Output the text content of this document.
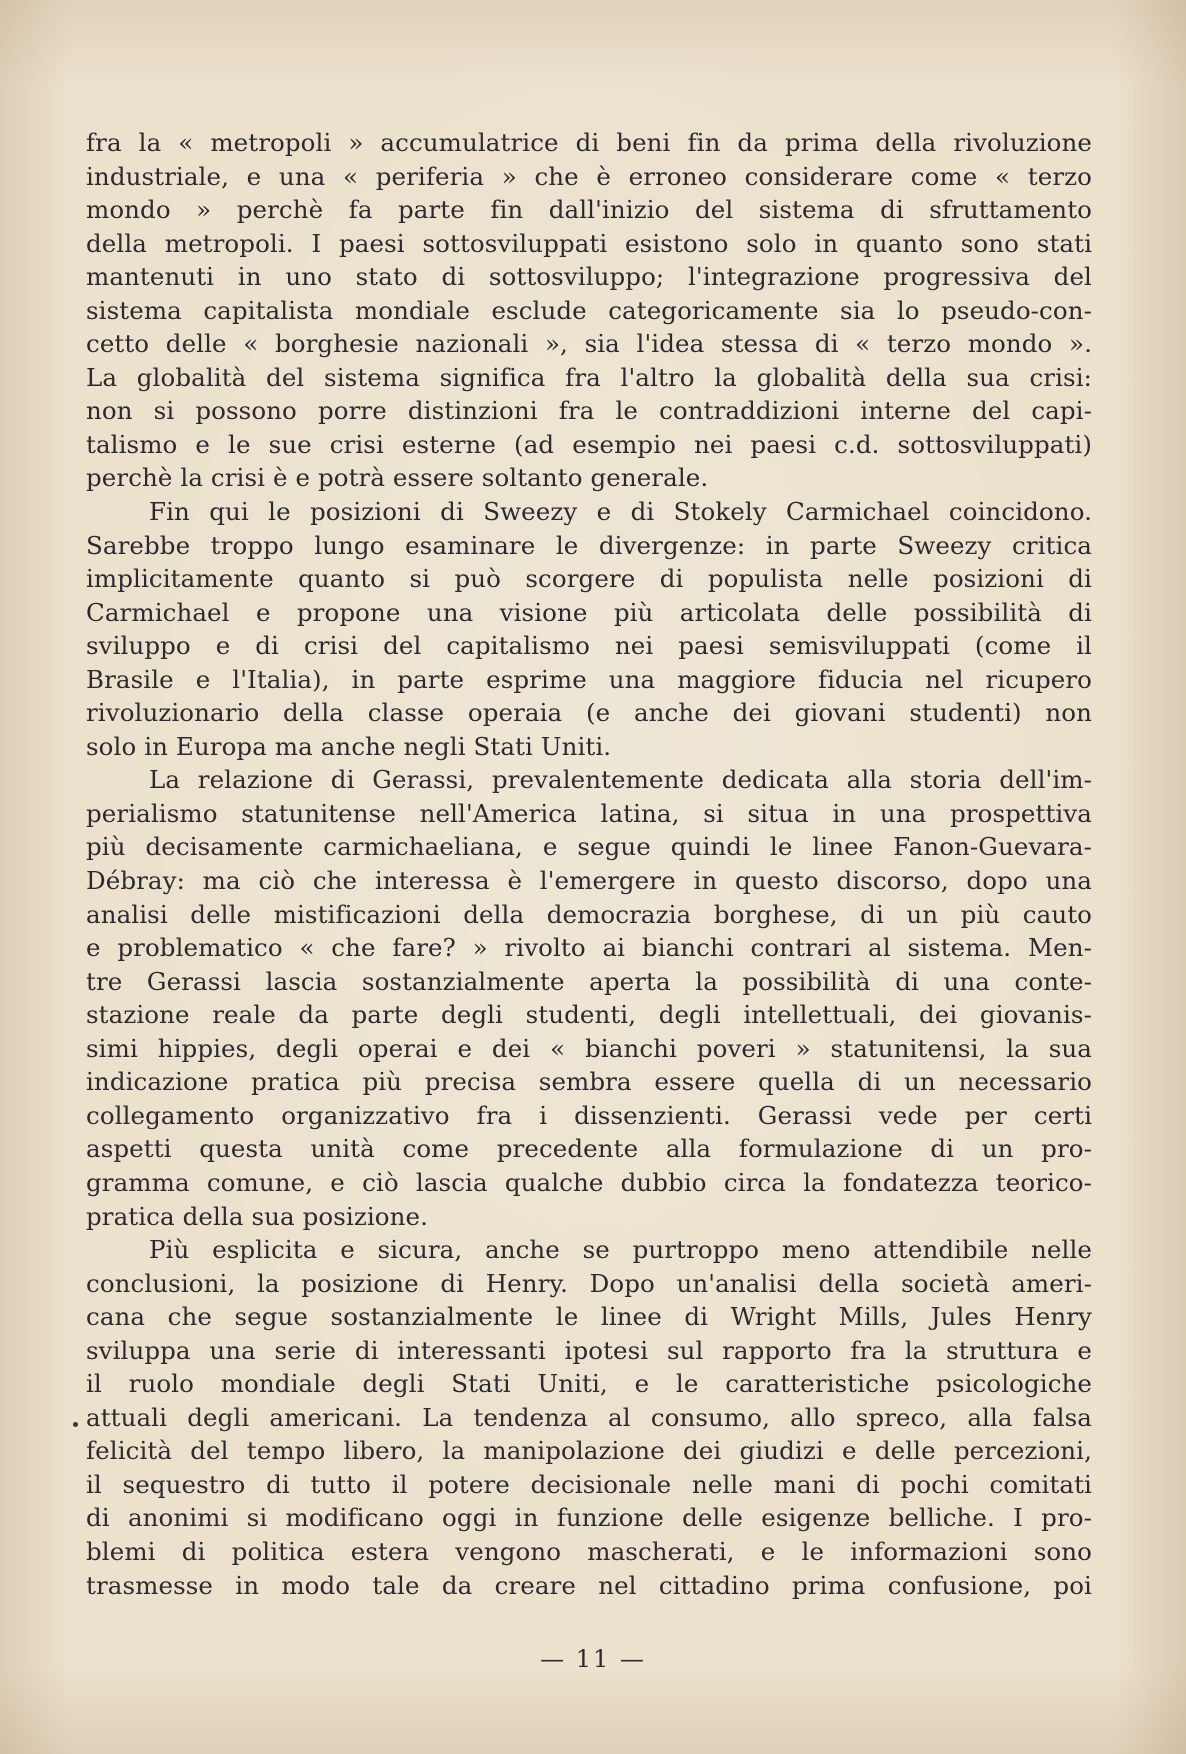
fra la « metropoli » accumulatrice di beni fin da prima della rivoluzione
industriale, e una « periferia » che è erroneo considerare come « terzo
mondo » perchè fa parte fin dall'inizio del sistema di sfruttamento
della metropoli. I paesi sottosviluppati esistono solo in quanto sono stati
mantenuti in uno stato di sottosviluppo; l'integrazione progressiva del
sistema capitalista mondiale esclude categoricamente sia lo pseudo-con-
cetto delle « borghesie nazionali », sia l'idea stessa di « terzo mondo ».
La globalità del sistema significa fra l'altro la globalità della sua crisi:
non si possono porre distinzioni fra le contraddizioni interne del capi-
talismo e le sue crisi esterne (ad esempio nei paesi c.d. sottosviluppati)
perchè la crisi è e potrà essere soltanto generale.
Fin qui le posizioni di Sweezy e di Stokely Carmichael coincidono.
Sarebbe troppo lungo esaminare le divergenze: in parte Sweezy critica
implicitamente quanto si può scorgere di populista nelle posizioni di
Carmichael e propone una visione più articolata delle possibilità di
sviluppo e di crisi del capitalismo nei paesi semisviluppati (come il
Brasile e l'Italia), in parte esprime una maggiore fiducia nel ricupero
rivoluzionario della classe operaia (e anche dei giovani studenti) non
solo in Europa ma anche negli Stati Uniti.
La relazione di Gerassi, prevalentemente dedicata alla storia dell'im-
perialismo statunitense nell'America latina, si situa in una prospettiva
più decisamente carmichaeliana, e segue quindi le linee Fanon-Guevara-
Débray: ma ciò che interessa è l'emergere in questo discorso, dopo una
analisi delle mistificazioni della democrazia borghese, di un più cauto
e problematico « che fare? » rivolto ai bianchi contrari al sistema. Men-
tre Gerassi lascia sostanzialmente aperta la possibilità di una conte-
stazione reale da parte degli studenti, degli intellettuali, dei giovanis-
simi hippies, degli operai e dei « bianchi poveri » statunitensi, la sua
indicazione pratica più precisa sembra essere quella di un necessario
collegamento organizzativo fra i dissenzienti. Gerassi vede per certi
aspetti questa unità come precedente alla formulazione di un pro-
gramma comune, e ciò lascia qualche dubbio circa la fondatezza teorico-
pratica della sua posizione.
Più esplicita e sicura, anche se purtroppo meno attendibile nelle
conclusioni, la posizione di Henry. Dopo un'analisi della società ameri-
cana che segue sostanzialmente le linee di Wright Mills, Jules Henry
sviluppa una serie di interessanti ipotesi sul rapporto fra la struttura e
il ruolo mondiale degli Stati Uniti, e le caratteristiche psicologiche
attuali degli americani. La tendenza al consumo, allo spreco, alla falsa
felicità del tempo libero, la manipolazione dei giudizi e delle percezioni,
il sequestro di tutto il potere decisionale nelle mani di pochi comitati
di anonimi si modificano oggi in funzione delle esigenze belliche. I pro-
blemi di politica estera vengono mascherati, e le informazioni sono
trasmesse in modo tale da creare nel cittadino prima confusione, poi
— 11 —
